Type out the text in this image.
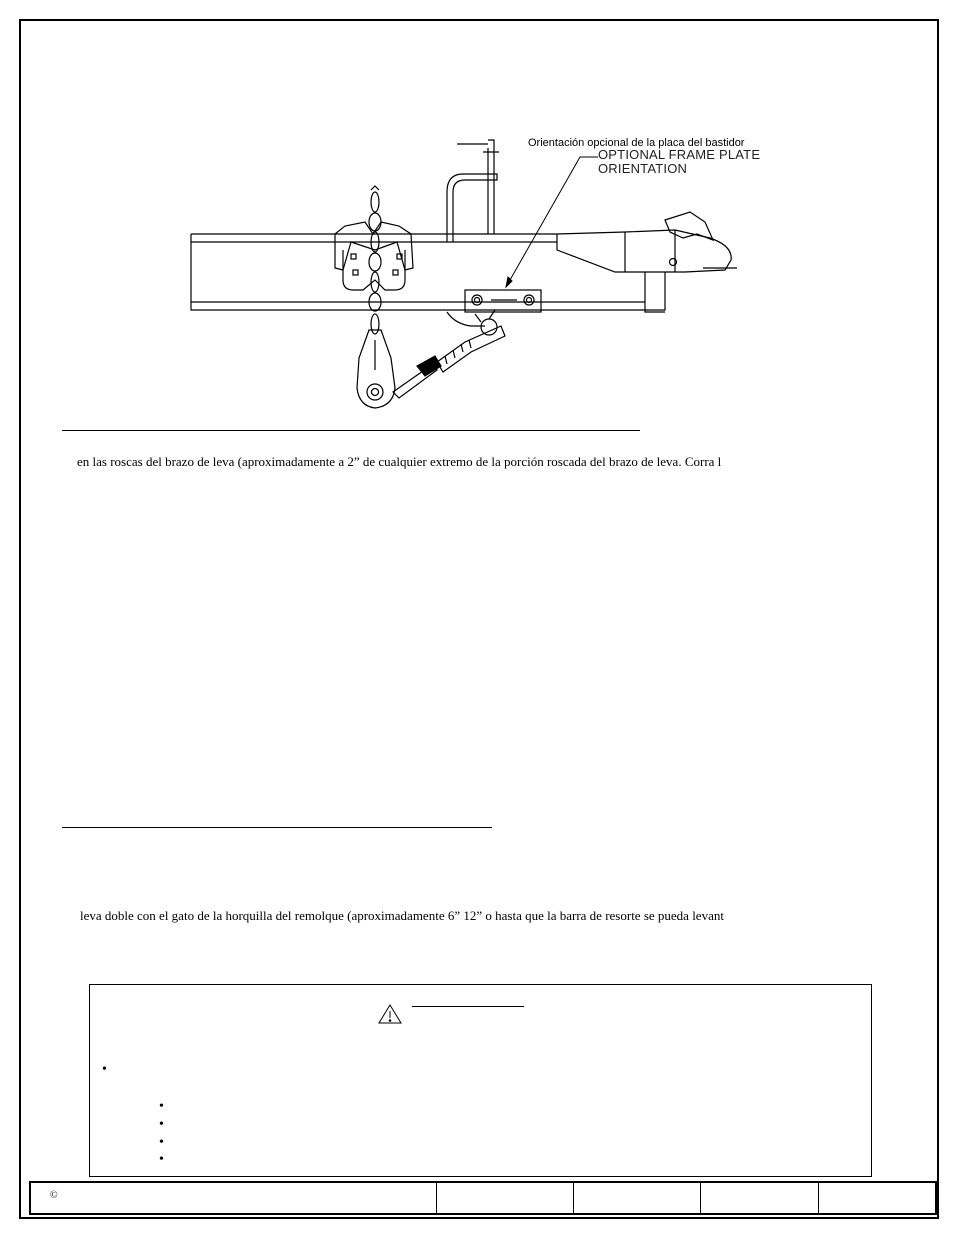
Orientación opcional de la placa del bastidor
OPTIONAL FRAME PLATE
ORIENTATION
en las roscas del brazo de leva (aproximadamente a 2” de cualquier extremo de la porción roscada del brazo de leva. Corra l
leva doble con el gato de la horquilla del remolque (aproximadamente 6” 12” o hasta que la barra de resorte se pueda levant
•
•
•
•
•
©
